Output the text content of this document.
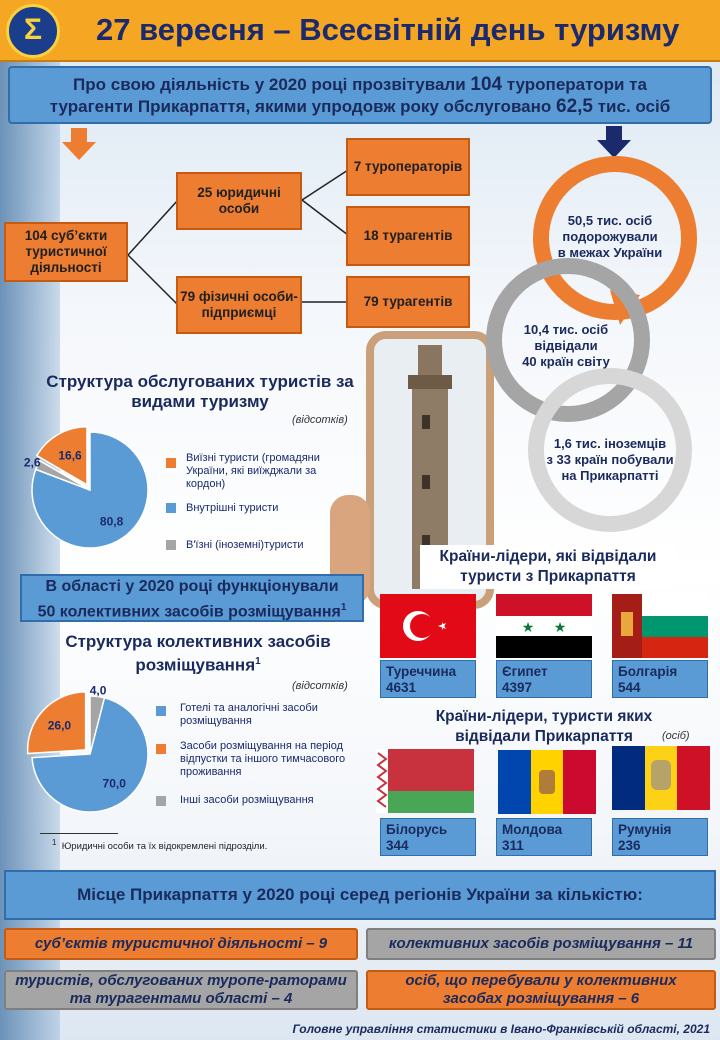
Σ	27 вересня – Всесвітній день туризму
Про свою діяльність у 2020 році прозвітували 104 туроператори та
турагенти Прикарпаття, якими упродовж року обслуговано 62,5 тис. осіб
104 суб’єкти туристичної діяльності
25 юридичні особи
79 фізичні особи-підприємці
7 туроператорів
18 турагентів
79 турагентів
50,5 тис. осіб
подорожували
в межах України
10,4 тис. осіб
відвідали
40 країн світу
1,6 тис. іноземців
з 33 країн побували
на Прикарпатті
Структура обслугованих туристів за видами туризму
(відсотків)
16,6
80,8
2,6	Виїзні туристи (громадяни України, які виїжджали за кордон)
Внутрішні туристи
В'їзні (іноземні)туристи
В області у 2020 році функціонували
50 колективних засобів розміщування$^1$
Структура колективних засобів розміщування$^1$
(відсотків)
70,0
26,0
4,0
Готелі та аналогічні засоби розміщування
Засоби розміщування на період відпустки та іншого тимчасового проживання
Інші засоби розміщування
$^1$ Юридичні особи та їх відокремлені підрозділи.
Країни-лідери, які відвідали туристи з Прикарпаття
★ ★
Туреччина
4631
Єгипет
4397
Болгарія
544
Країни-лідери, туристи яких відвідали Прикарпаття	(осіб)
Білорусь
344
Молдова
311
Румунія
236
Місце Прикарпаття у 2020 році серед регіонів України за кількістю:
суб’єктів туристичної діяльності – 9	колективних засобів розміщування – 11
туристів, обслугованих туропе-раторами та турагентами області – 4
осіб, що перебували у колективних засобах розміщування – 6
Головне управління статистики в Івано-Франківській області, 2021
